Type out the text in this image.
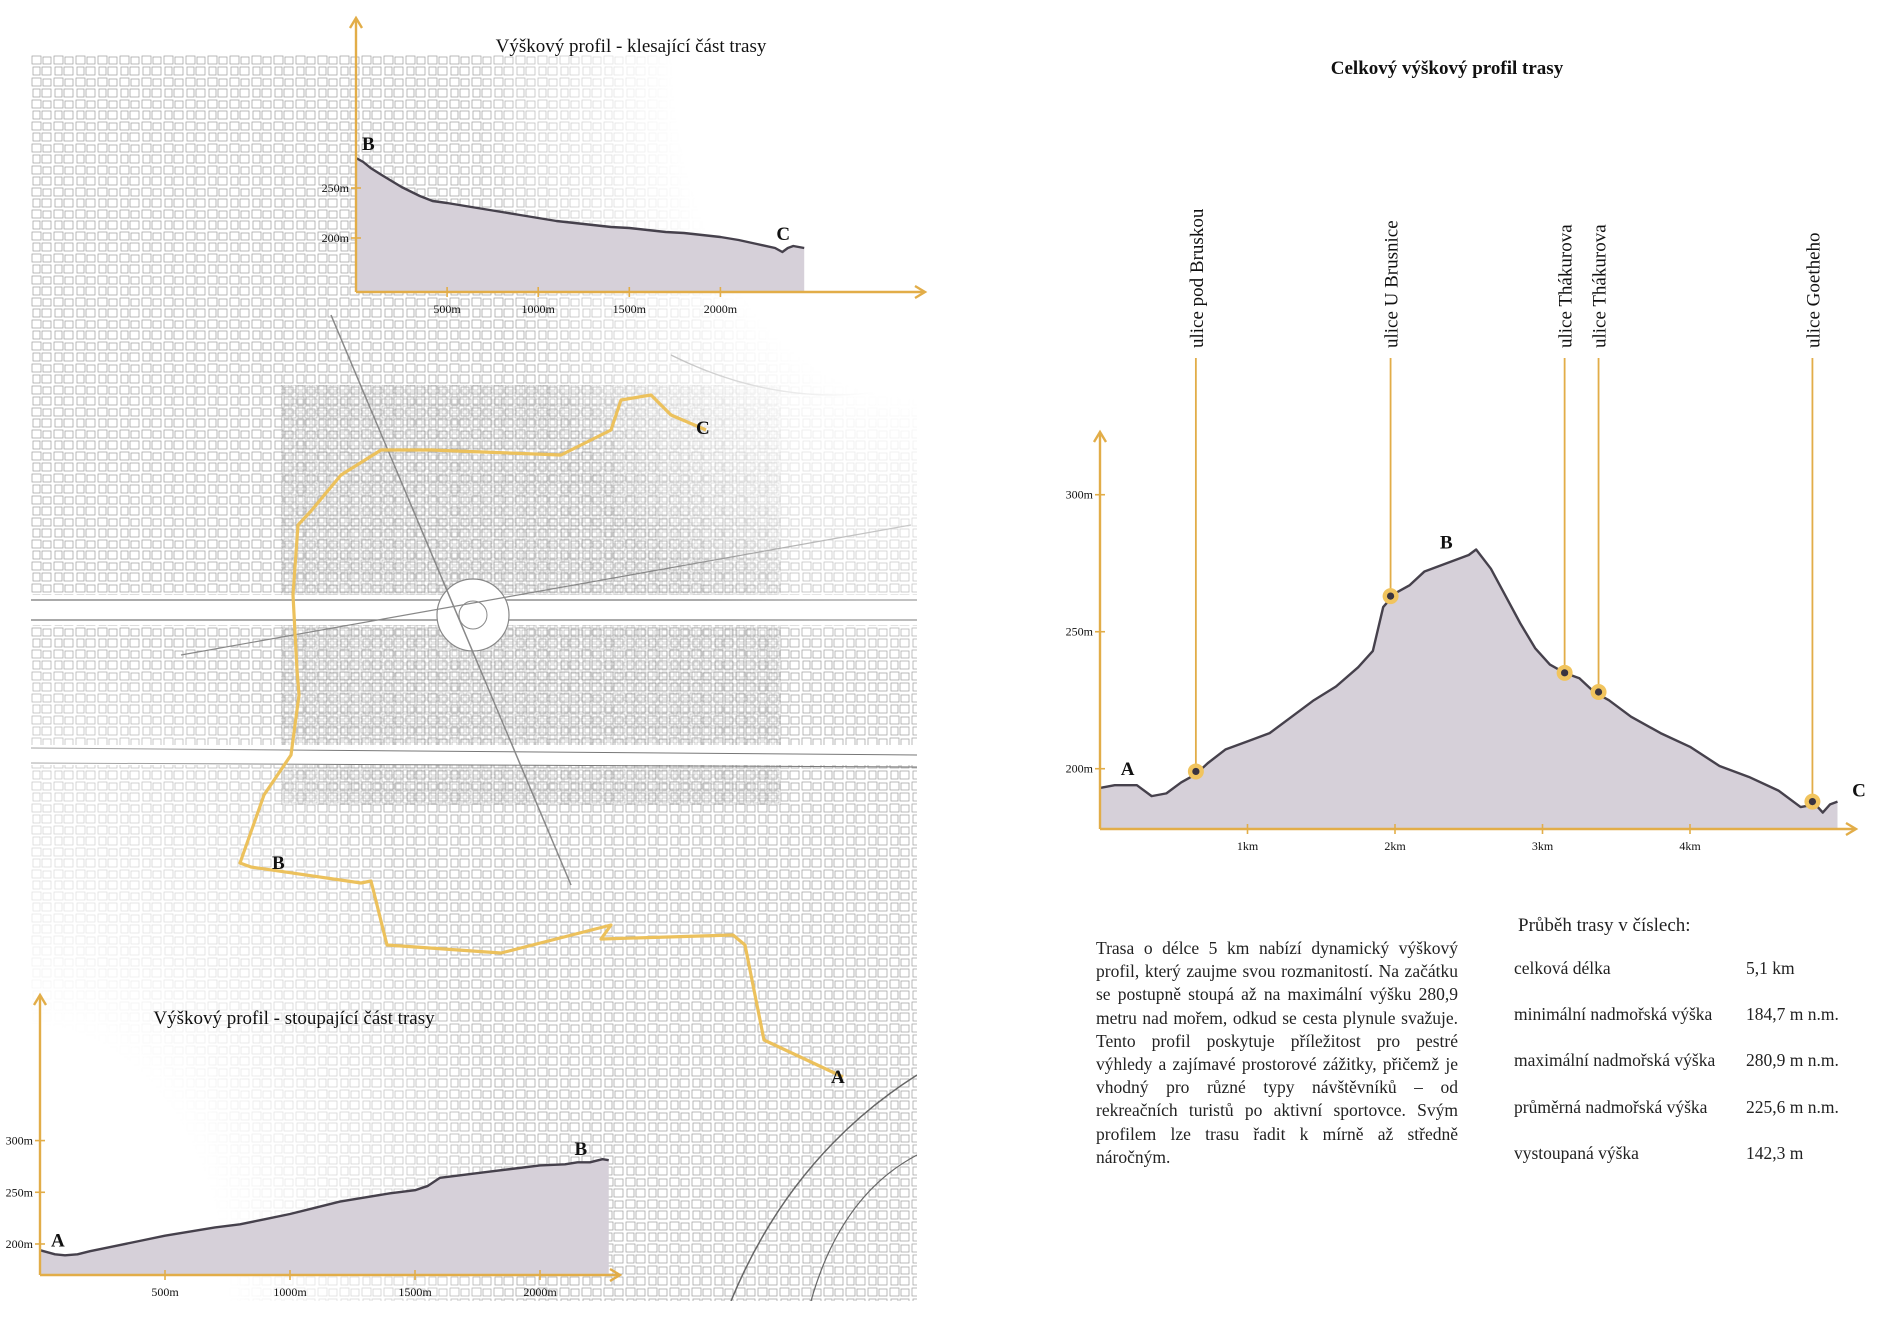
B
C
A
Výškový profil - klesající část trasy
500m	1000m	1500m	2000m
200m
250m
B
C
Výškový profil - stoupající část trasy
500m	1000m	1500m	2000m
200m
250m
300m
A
B
Celkový výškový profil trasy
1km	2km	3km	4km
200m
250m
300m
A
B
C
ulice pod Bruskou	ulice U Brusnice	ulice Thákurova ulice Thákurova	ulice Goetheho
Trasa o délce 5 km nabízí dynamický výškový profil, který zaujme svou rozmanitostí. Na začátku se postupně stoupá až na maximální výšku 280,9 metru nad mořem, odkud se cesta plynule svažuje. Tento profil poskytuje příležitost pro pestré výhledy a zajímavé prostorové zážitky, přičemž je vhodný pro různé typy návštěvníků – od rekreačních turistů po aktivní sportovce. Svým profilem lze trasu řadit k mírně až středně náročným.
Průběh trasy v číslech:
celková délka	5,1 km
minimální nadmořská výška 184,7 m n.m.
maximální nadmořská výška 280,9 m n.m.
průměrná nadmořská výška 225,6 m n.m.
vystoupaná výška	142,3 m
